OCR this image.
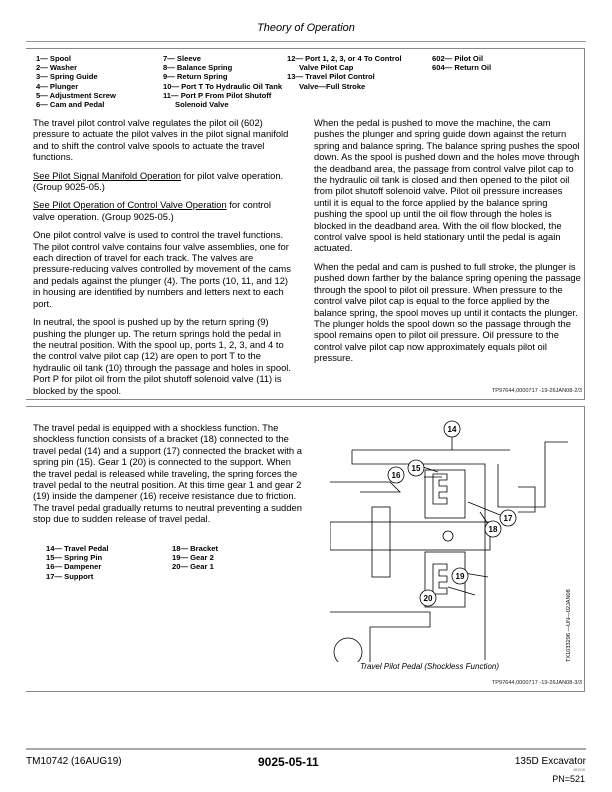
Theory of Operation
1— Spool
2— Washer
3— Spring Guide
4— Plunger
5— Adjustment Screw
6— Cam and Pedal
7— Sleeve
8— Balance Spring
9— Return Spring
10— Port T To Hydraulic Oil Tank
11— Port P From Pilot Shutoff
Solenoid Valve
12— Port 1, 2, 3, or 4 To Control
Valve Pilot Cap
13— Travel Pilot Control
Valve—Full Stroke
602— Pilot Oil
604— Return Oil

The travel pilot control valve regulates the pilot oil (602) pressure to actuate the pilot valves in the pilot signal manifold and to shift the control valve spools to actuate the travel functions.

See Pilot Signal Manifold Operation for pilot valve operation. (Group 9025-05.)

See Pilot Operation of Control Valve Operation for control valve operation. (Group 9025-05.)

One pilot control valve is used to control the travel functions. The pilot control valve contains four valve assemblies, one for each direction of travel for each track. The valves are pressure-reducing valves controlled by movement of the cams and pedals against the plunger (4). The ports (10, 11, and 12) in housing are identified by numbers and letters next to each port.

In neutral, the spool is pushed up by the return spring (9) pushing the plunger up. The return springs hold the pedal in the neutral position. With the spool up, ports 1, 2, 3, and 4 to the control valve pilot cap (12) are open to port T to the hydraulic oil tank (10) through the passage and holes in spool. Port P for pilot oil from the pilot shutoff solenoid valve (11) is blocked by the spool.

When the pedal is pushed to move the machine, the cam pushes the plunger and spring guide down against the return spring and balance spring. The balance spring pushes the spool down. As the spool is pushed down and the holes move through the deadband area, the passage from control valve pilot cap to the hydraulic oil tank is closed and then opened to the pilot oil from pilot shutoff solenoid valve. Pilot oil pressure increases until it is equal to the force applied by the balance spring pushing the spool up until the oil flow through the holes is blocked in the deadband area. With the oil flow blocked, the control valve spool is held stationary until the pedal is again actuated.

When the pedal and cam is pushed to full stroke, the plunger is pushed down farther by the balance spring opening the passage through the spool to pilot oil pressure. When pressure to the control valve pilot cap is equal to the force applied by the balance spring, the spool moves up until it contacts the plunger. The plunger holds the spool down so the passage through the spool remains open to pilot oil pressure. Oil pressure to the control valve pilot cap now approximately equals pilot oil pressure.

TP97644,0000717 -19-26JAN08-2/3

The travel pedal is equipped with a shockless function. The shockless function consists of a bracket (18) connected to the travel pedal (14) and a support (17) connected the bracket with a spring pin (15). Gear 1 (20) is connected to the support. When the travel pedal is released while traveling, the spring forces the travel pedal to the neutral position. At this time gear 1 and gear 2 (19) inside the dampener (16) receive resistance due to friction. The travel pedal gradually returns to neutral preventing a sudden stop due to sudden release of travel pedal.

14— Travel Pedal
15— Spring Pin
16— Dampener
17— Support
18— Bracket
19— Gear 2
20— Gear 1
14
15
16
17
18
19
20	TX1033296 —UN—02JAN08
Travel Pilot Pedal (Shockless Function)
TP97644,0000717 -19-26JAN08-3/3
TM10742 (16AUG19)	9025-05-11	135D Excavator
081019
PN=521
